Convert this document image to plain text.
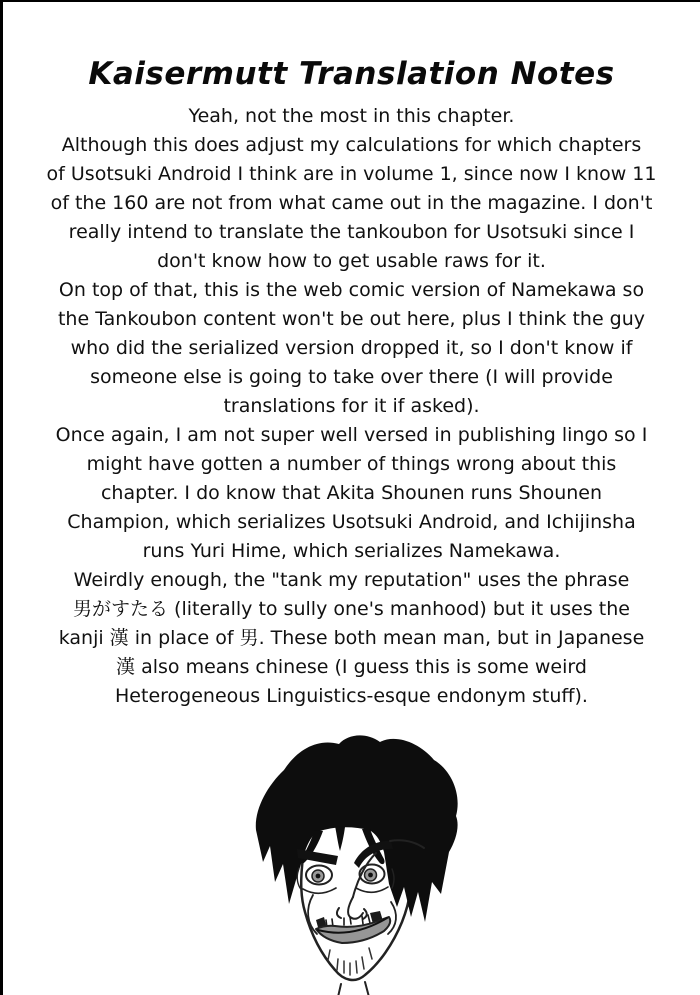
Kaisermutt Translation Notes
Yeah, not the most in this chapter.
Although this does adjust my calculations for which chapters
of Usotsuki Android I think are in volume 1, since now I know 11
of the 160 are not from what came out in the magazine. I don't
really intend to translate the tankoubon for Usotsuki since I
don't know how to get usable raws for it.
On top of that, this is the web comic version of Namekawa so
the Tankoubon content won't be out here, plus I think the guy
who did the serialized version dropped it, so I don't know if
someone else is going to take over there (I will provide
translations for it if asked).
Once again, I am not super well versed in publishing lingo so I
might have gotten a number of things wrong about this
chapter. I do know that Akita Shounen runs Shounen
Champion, which serializes Usotsuki Android, and Ichijinsha
runs Yuri Hime, which serializes Namekawa.
Weirdly enough, the "tank my reputation" uses the phrase
男がすたる (literally to sully one's manhood) but it uses the
kanji 漢 in place of 男. These both mean man, but in Japanese
漢 also means chinese (I guess this is some weird
Heterogeneous Linguistics-esque endonym stuff).
